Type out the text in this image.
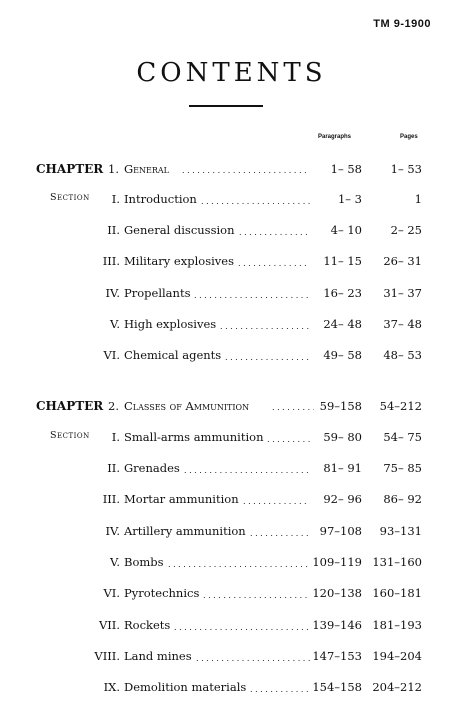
TM 9-1900
CONTENTS
Paragraphs	Pages
CHAPTER 1. General . . .	1– 58	1– 53
Section	I. Introduction	1– 3	1
. . .
II. General discussion	4– 10	2– 25
. . .
III. Military explosives	11– 15	26– 31
. . .
IV. Propellants	16– 23	31– 37
. . .
V. High explosives	24– 48	37– 48
. . .
VI. Chemical agents	49– 58	48– 53
. . .
CHAPTER 2. Classes of Ammunition . . .	59–158	54–212
Section	I. Small-arms ammunition	59– 80	54– 75
. . .
II. Grenades	81– 91	75– 85
. . .
III. Mortar ammunition	92– 96	86– 92
. . .
IV. Artillery ammunition	97–108	93–131
. . .
V. Bombs	109–119 131–160
. . .
VI. Pyrotechnics	120–138 160–181
. . .
VII. Rockets	139–146 181–193
. . .
VIII. Land mines	147–153 194–204
. . .
IX. Demolition materials	154–158 204–212
. . .
